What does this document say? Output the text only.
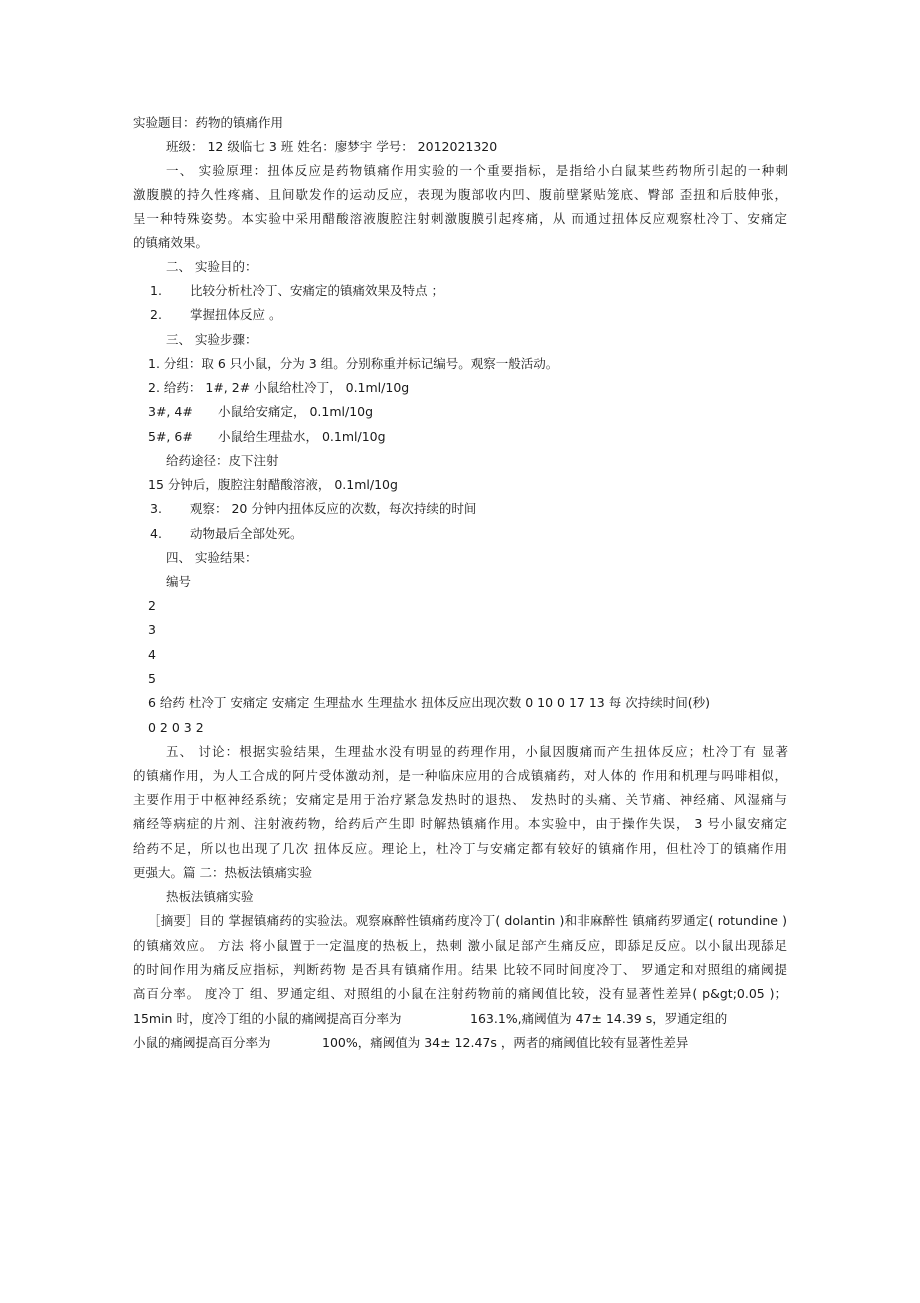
实验题目：药物的镇痛作用
班级： 12 级临七 3 班 姓名：廖梦宇 学号： 2012021320
一、 实验原理：扭体反应是药物镇痛作用实验的一个重要指标，是指给小白鼠某些药物所引起的一种刺
激腹膜的持久性疼痛、且间歇发作的运动反应，表现为腹部收内凹、腹前壁紧贴笼底、臀部 歪扭和后肢伸张，
呈一种特殊姿势。本实验中采用醋酸溶液腹腔注射刺激腹膜引起疼痛，从 而通过扭体反应观察杜冷丁、安痛定
的镇痛效果。
二、 实验目的：
1. 比较分析杜冷丁、安痛定的镇痛效果及特点 ；
2. 掌握扭体反应 。
三、 实验步骤：
1. 分组：取 6 只小鼠，分为 3 组。分别称重并标记编号。观察一般活动。
2. 给药： 1#, 2# 小鼠给杜冷丁， 0.1ml/10g
3#, 4# 小鼠给安痛定， 0.1ml/10g
5#, 6# 小鼠给生理盐水， 0.1ml/10g
给药途径：皮下注射
15 分钟后，腹腔注射醋酸溶液， 0.1ml/10g
3. 观察： 20 分钟内扭体反应的次数，每次持续的时间
4. 动物最后全部处死。
四、 实验结果：
编号
2
3
4
5
6 给药 杜冷丁 安痛定 安痛定 生理盐水 生理盐水 扭体反应出现次数 0 10 0 17 13 每 次持续时间(秒)
0 2 0 3 2
五、 讨论：根据实验结果，生理盐水没有明显的药理作用，小鼠因腹痛而产生扭体反应；杜冷丁有 显著
的镇痛作用，为人工合成的阿片受体激动剂，是一种临床应用的合成镇痛药，对人体的 作用和机理与吗啡相似，
主要作用于中枢神经系统；安痛定是用于治疗紧急发热时的退热、 发热时的头痛、关节痛、神经痛、风湿痛与
痛经等病症的片剂、注射液药物，给药后产生即 时解热镇痛作用。本实验中，由于操作失误， 3 号小鼠安痛定
给药不足，所以也出现了几次 扭体反应。理论上，杜冷丁与安痛定都有较好的镇痛作用，但杜冷丁的镇痛作用
更强大。篇 二：热板法镇痛实验
热板法镇痛实验
［摘要］目的 掌握镇痛药的实验法。观察麻醉性镇痛药度冷丁( dolantin )和非麻醉性 镇痛药罗通定( rotundine )
的镇痛效应。 方法 将小鼠置于一定温度的热板上，热刺 激小鼠足部产生痛反应，即舔足反应。以小鼠出现舔足
的时间作用为痛反应指标，判断药物 是否具有镇痛作用。结果 比较不同时间度冷丁、 罗通定和对照组的痛阈提
高百分率。 度冷丁 组、罗通定组、对照组的小鼠在注射药物前的痛阈值比较，没有显著性差异( p&gt;0.05 )；
15min 时，度冷丁组的小鼠的痛阈提高百分率为	163.1%,痛阈值为 47± 14.39 s，罗通定组的
小鼠的痛阈提高百分率为	100%，痛阈值为 34± 12.47s ，两者的痛阈值比较有显著性差异
